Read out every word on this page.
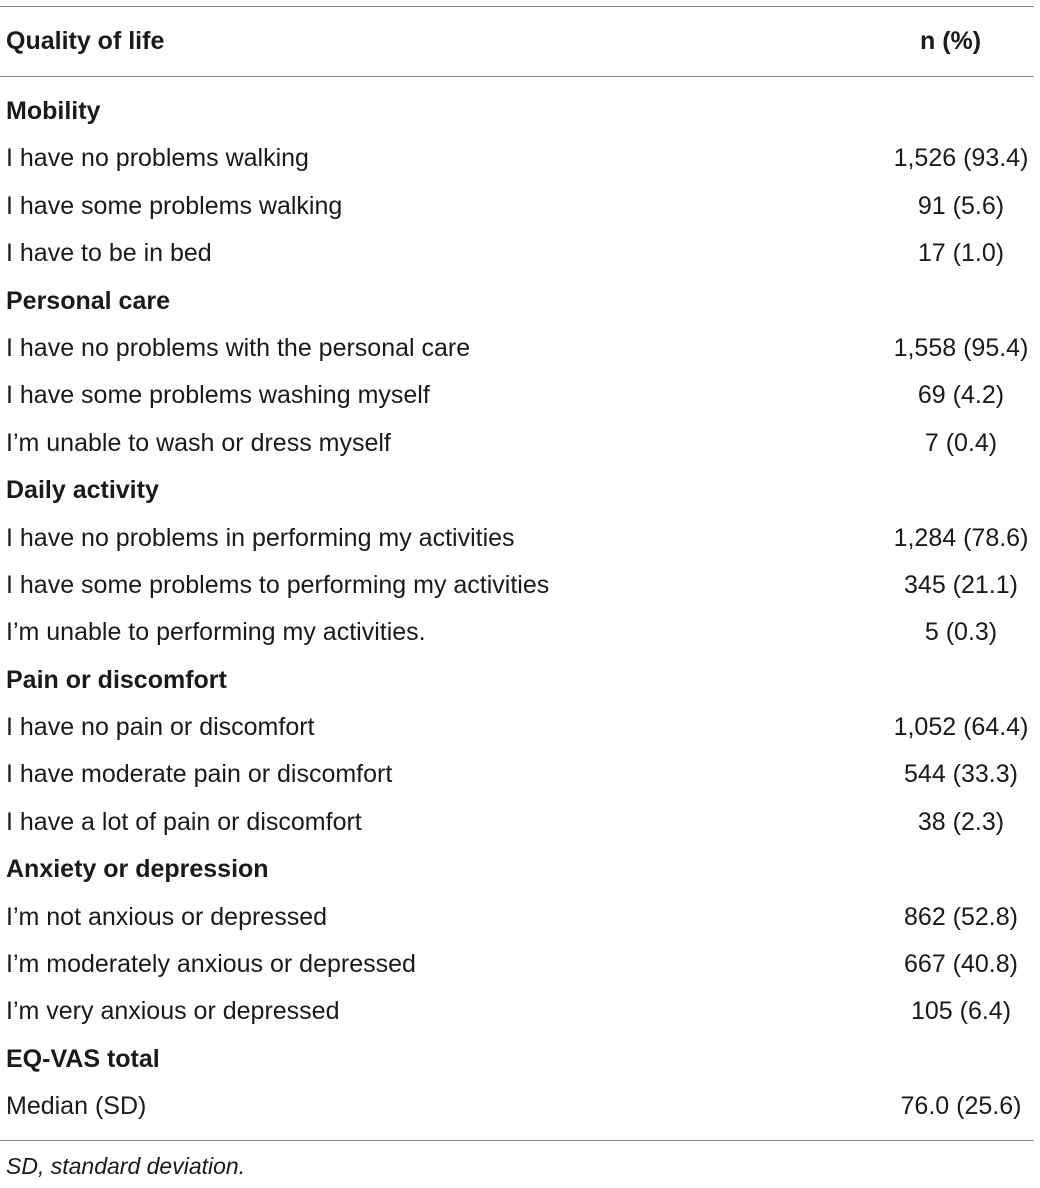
Quality of life	n (%)
Mobility
I have no problems walking	1,526 (93.4)
I have some problems walking	91 (5.6)
I have to be in bed	17 (1.0)
Personal care
I have no problems with the personal care	1,558 (95.4)
I have some problems washing myself	69 (4.2)
I’m unable to wash or dress myself	7 (0.4)
Daily activity
I have no problems in performing my activities	1,284 (78.6)
I have some problems to performing my activities	345 (21.1)
I’m unable to performing my activities.	5 (0.3)
Pain or discomfort
I have no pain or discomfort	1,052 (64.4)
I have moderate pain or discomfort	544 (33.3)
I have a lot of pain or discomfort	38 (2.3)
Anxiety or depression
I’m not anxious or depressed	862 (52.8)
I’m moderately anxious or depressed	667 (40.8)
I’m very anxious or depressed	105 (6.4)
EQ-VAS total
Median (SD)	76.0 (25.6)
SD, standard deviation.
